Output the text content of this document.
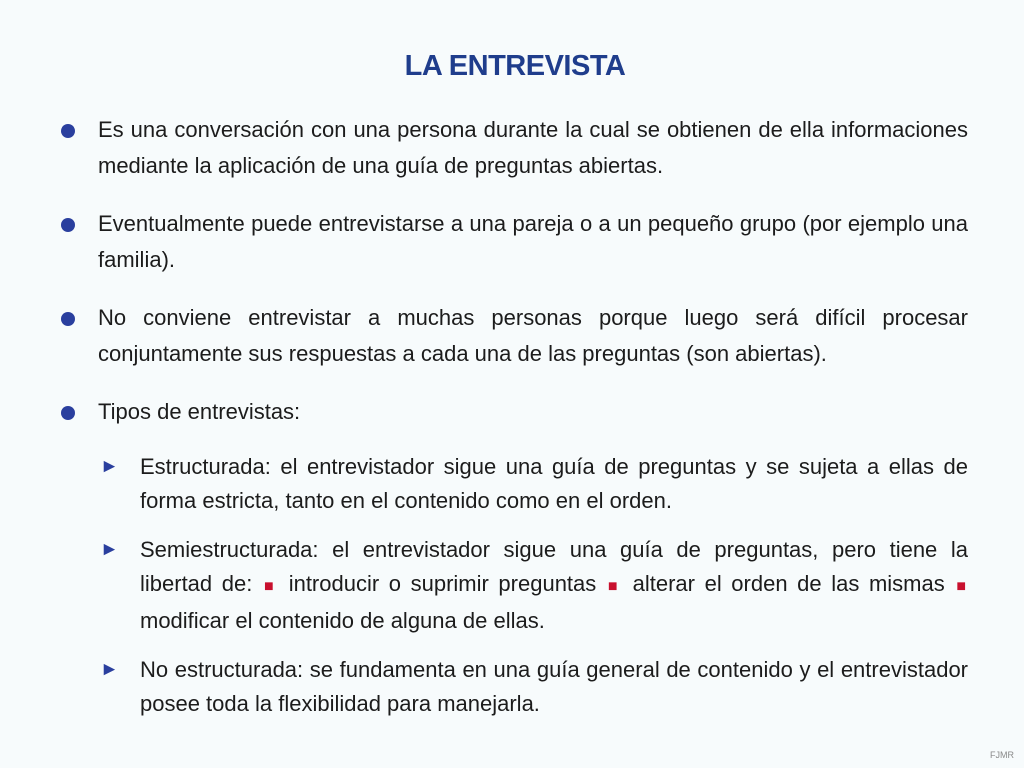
LA ENTREVISTA
Es una conversación con una persona durante la cual se obtienen de ella informaciones mediante la aplicación de una guía de preguntas abiertas.
Eventualmente puede entrevistarse a una pareja o a un pequeño grupo (por ejemplo una familia).
No conviene entrevistar a muchas personas porque luego será difícil procesar conjuntamente sus respuestas a cada una de las preguntas (son abiertas).
Tipos de entrevistas:
► Estructurada: el entrevistador sigue una guía de preguntas y se sujeta a ellas de forma estricta, tanto en el contenido como en el orden.
► Semiestructurada: el entrevistador sigue una guía de preguntas, pero tiene la libertad de: ■ introducir o suprimir preguntas ■ alterar el orden de las mismas ■ modificar el contenido de alguna de ellas.
► No estructurada: se fundamenta en una guía general de contenido y el entrevistador posee toda la flexibilidad para manejarla.
FJMR
